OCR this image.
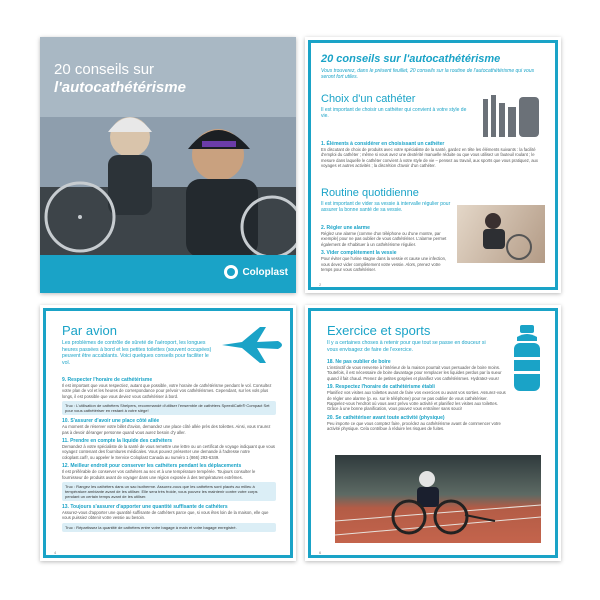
20 conseils sur
l'autocathétérisme
Coloplast
20 conseils sur l'autocathétérisme
Vous trouverez, dans le présent feuillet, 20 conseils sur la routine de l'autocathétérisme qui vous seront fort utiles.
Choix d'un cathéter
Il est important de choisir un cathéter qui convient à votre style de vie.
1. Éléments à considérer en choisissant un cathéter
En discutant de choix de produits avec votre spécialiste de la santé, gardez en tête les éléments suivants : la facilité d'emploi du cathéter ; même si vous avez une dextérité manuelle réduite ou que vous utilisez un fauteuil roulant ; le mesure dans laquelle le cathéter convient à votre style de vie – pensez au travail, aux sports que vous pratiquez, aux voyages et autres activités ; la discrétion d'avoir d'un cathéter.
Routine quotidienne
Il est important de vider sa vessie à intervalle régulier pour assurer la bonne santé de sa vessie.
2. Régler une alarme
Réglez une alarme (comme d'un téléphone ou d'une montre, par exemple) pour ne pas oublier de vous cathétériser. L'alarme permet également de s'habituer à un cathétérisme régulier.
3. Vider complètement la vessie
Pour éviter que l'urine stagne dans la vessie et cause une infection, vous devez vider complètement votre vessie. Alors, prenez votre temps pour vous cathétériser.
2
Par avion
Les problèmes de contrôle de sûreté de l'aéroport, les longues heures passées à bord et les petites toilettes (souvent occupées) peuvent être accablants. Voici quelques conseils pour faciliter le vol.
9. Respecter l'horaire de cathétérisme
Il est important que vous respectiez, autant que possible, votre horaire de cathétérisme pendant le vol. Consultez votre plan de vol et les heures de correspondance pour prévoir vos cathétérismes. Cependant, sur les vols plus longs, il est possible que vous deviez vous cathétériser à bord.
Truc : L'utilisation de cathéters Shelpers, recommandé d'utiliser l'ensemble de cathéters SpeediCath® Compact Set pour vous cathétériser en restant à votre siège!
10. S'assurer d'avoir une place côté allée
Au moment de réserver votre billet d'avion, demandez une place côté allée près des toilettes. Ainsi, vous n'aurez pas à devoir déranger personne quand vous aurez besoin d'y aller.
11. Prendre en compte la liquide des cathéters
Demandez à votre spécialiste de la santé de vous remettre une lettre ou un certificat de voyage indiquant que vous voyagez contenant des fournitures médicales. Vous pouvez présenter une demande à l'adresse notre coloplast.ca/fr, ou appeler le Service Coloplast Canada au numéro 1 (866) 293-6349.
12. Meilleur endroit pour conserver les cathéters pendant les déplacements
Il est préférable de conserver vos cathéters au sec et à une température tempérée. Toujours consulter le fournisseur de produits avant de voyager dans une région exposée à des températures extrêmes.
Truc : Rangez les cathéters dans un sac isotherme. Assurez-vous que les cathéters sont placés au milieu à température ambiante avant de les utiliser. Elle sera très froide, vous pouvez les maintenir contre votre corps pendant un certain temps avant de les utiliser.
13. Toujours s'assurer d'apporter une quantité suffisante de cathéters
Assurez-vous d'apporter une quantité suffisante de cathéters parce que, si vous êtes loin de la maison, elle que vous puissiez obtenir votre vessie au besoin.
Truc : Répartissez la quantité de cathéters entre votre bagage à main et votre bagage enregistré.
4
Exercice et sports
Il y a certaines choses à retenir pour que tout se passe en douceur si vous envisagez de faire de l'exercice.
18. Ne pas oublier de boire
L'instinctif de vous renverse à l'intérieur de la maison pourrait vous persuader de boire moins. Toutefois, il est nécessaire de boire davantage pour remplacer les liquides perdus par la sueur quand il fait chaud. Prenez de petites gorgées et planifiez vos cathétérismes. Hydratez-vous!
19. Respectez l'horaire de cathétérisme établi
Planifiez vos visites aux toilettes avant de faire vos exercices ou avant vos sorties. Assurez-vous de régler une alarme (p. ex. sur le téléphone) pour ne pas oublier de vous cathétériser. Rappelez-vous l'endroit où vous avez prévu votre activité et planifiez les visites aux toilettes. Grâce à une bonne planification, vous pouvez vous entraîner sans souci!
20. Se cathétériser avant toute activité (physique)
Peu importe ce que vous comptez faire, procédez au cathétérisme avant de commencer votre activité physique. Cela contribue à réduire les risques de fuites.
6
